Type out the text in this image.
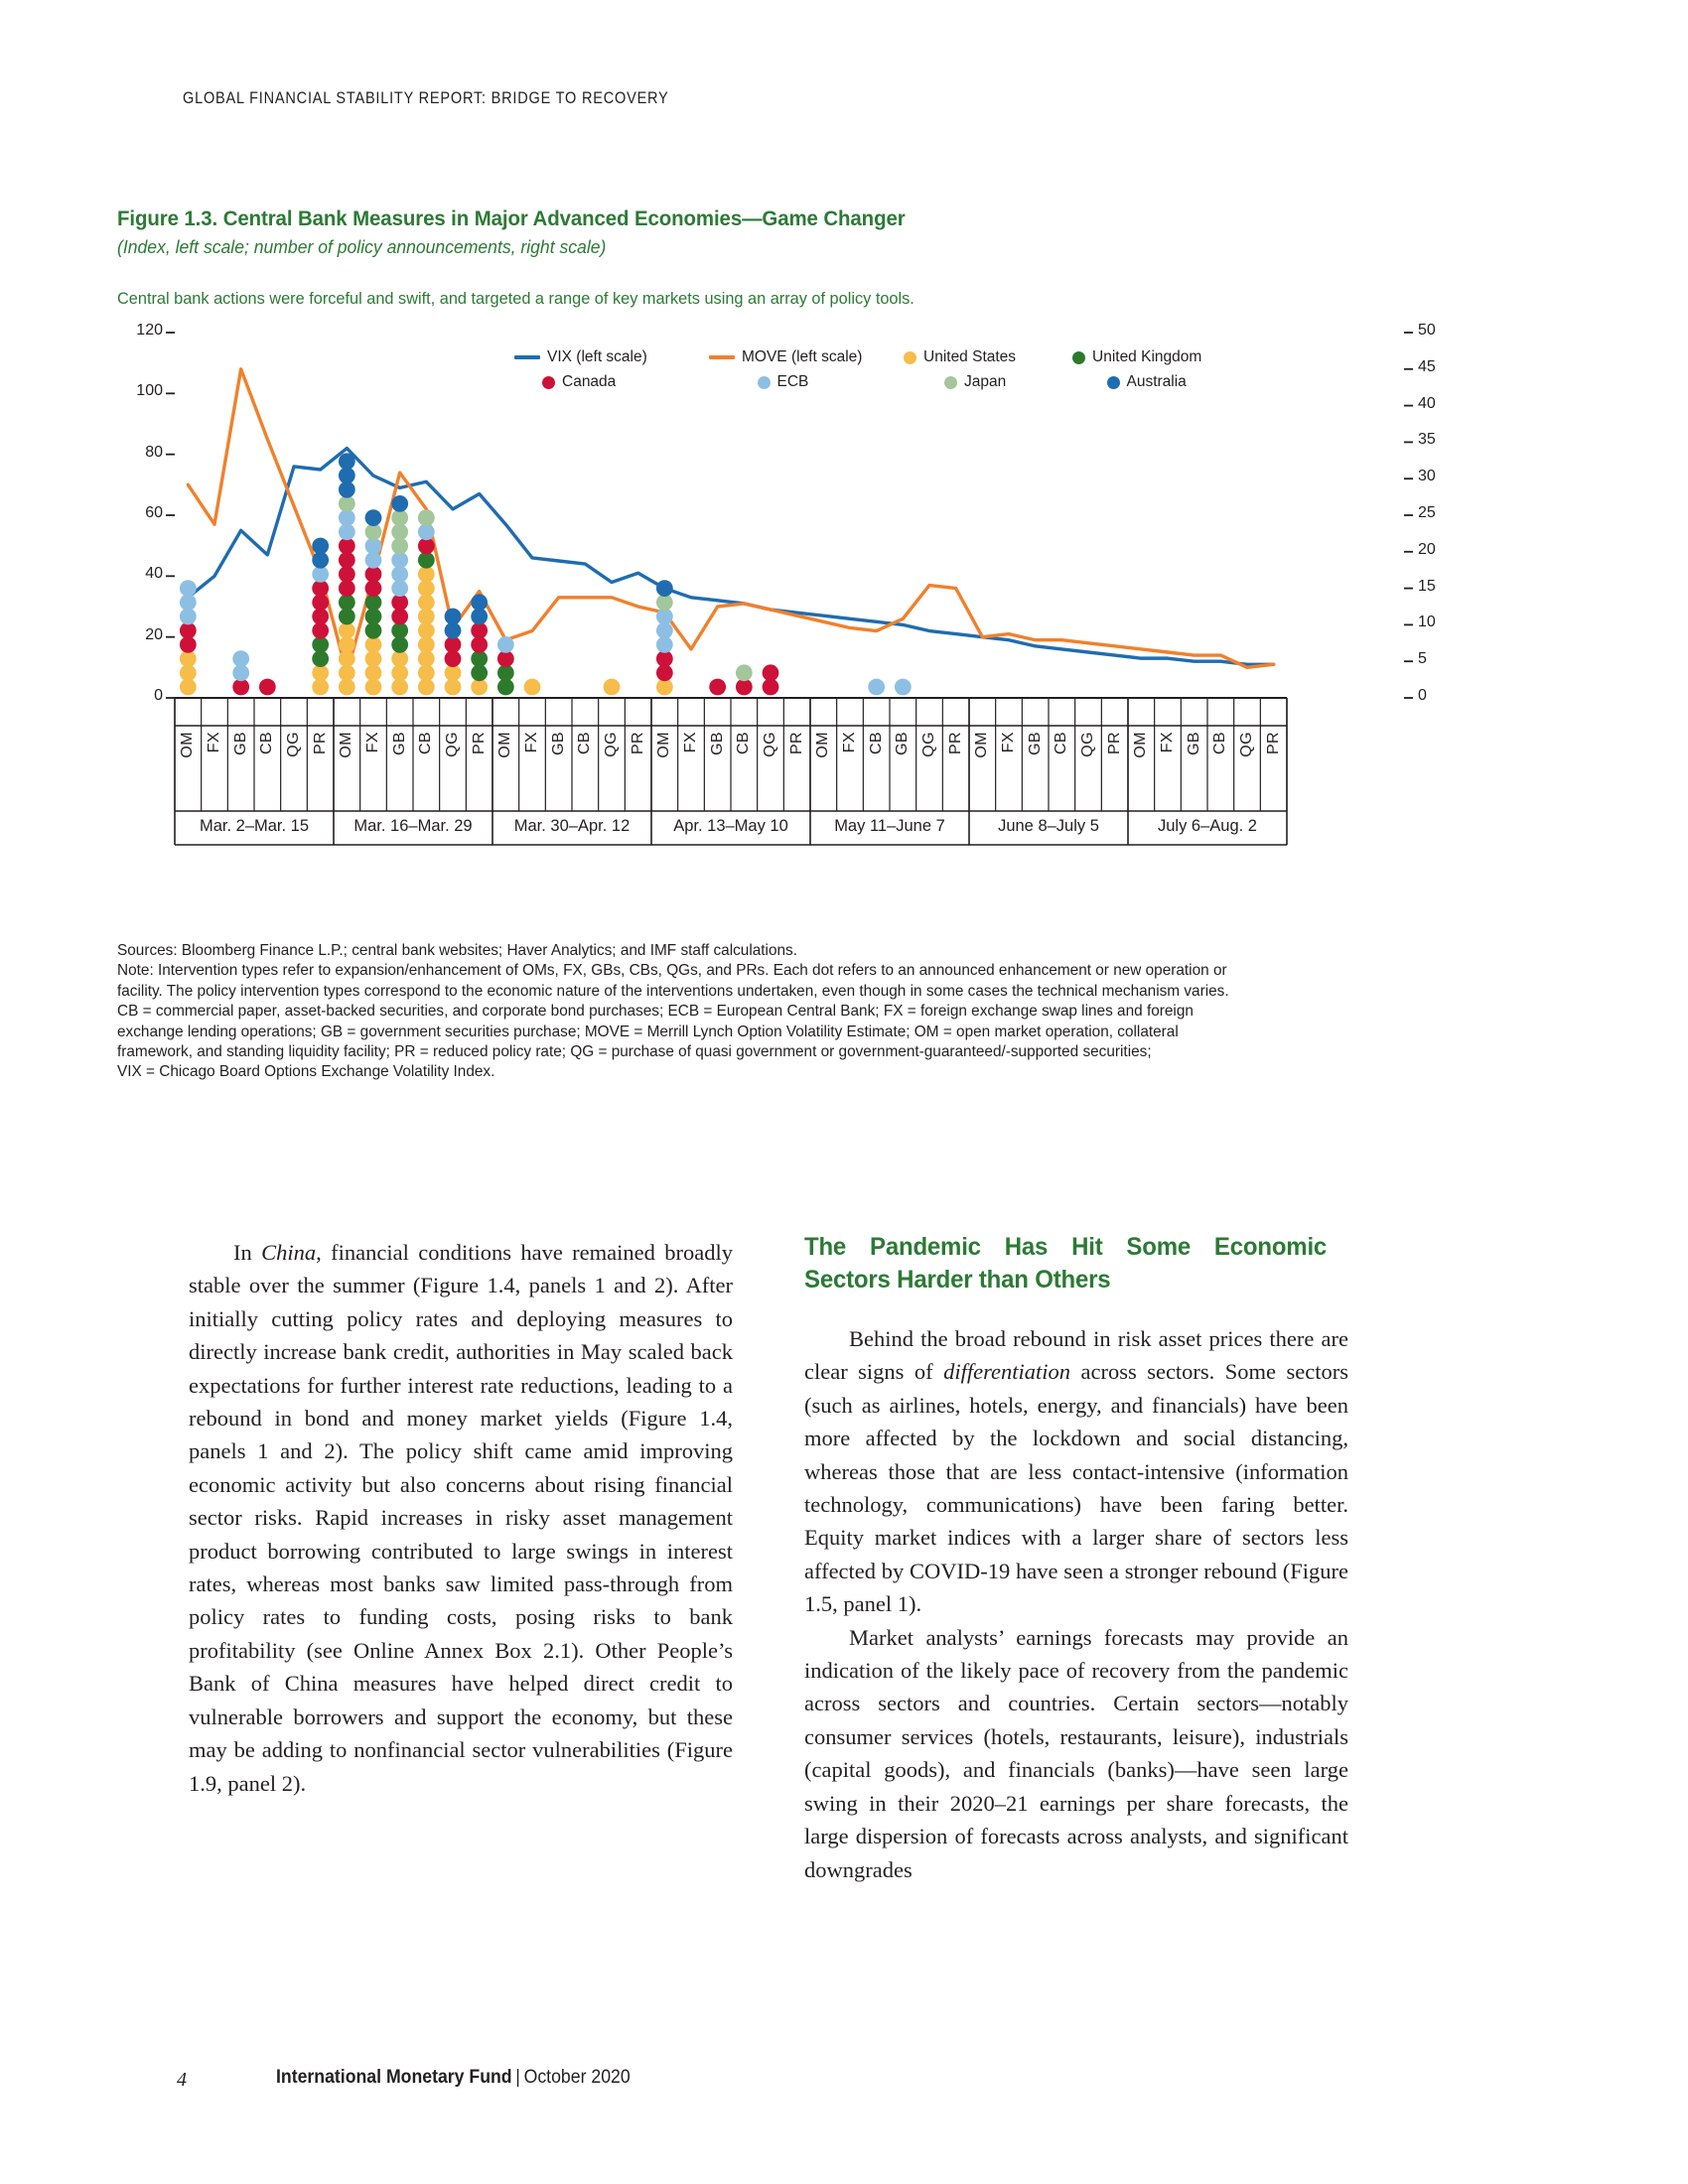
GLOBAL FINANCIAL STABILITY REPORT: BRIDGE TO RECOVERY
Figure 1.3. Central Bank Measures in Major Advanced Economies—Game Changer
(Index, left scale; number of policy announcements, right scale)
Central bank actions were forceful and swift, and targeted a range of key markets using an array of policy tools.
VIX (left scale)	MOVE (left scale)	United States	United Kingdom
Canada	ECB	Japan	Australia
0
20
40
60
80
100
120
0
5
10
15
20
25
30
35
40
45
50
OM FX GB CB QG PR OM FX GB CB QG PR OM FX GB CB QG PR OM FX GB CB QG PR OM FX CB GB QG PR OM FX GB CB QG PR OM FX GB CB QG PR
Mar. 2–Mar. 15	Mar. 16–Mar. 29	Mar. 30–Apr. 12	Apr. 13–May 10	May 11–June 7	June 8–July 5	July 6–Aug. 2

Sources: Bloomberg Finance L.P.; central bank websites; Haver Analytics; and IMF staff calculations.

Note: Intervention types refer to expansion/enhancement of OMs, FX, GBs, CBs, QGs, and PRs. Each dot refers to an announced enhancement or new operation or

facility. The policy intervention types correspond to the economic nature of the interventions undertaken, even though in some cases the technical mechanism varies.

CB = commercial paper, asset-backed securities, and corporate bond purchases; ECB = European Central Bank; FX = foreign exchange swap lines and foreign

exchange lending operations; GB = government securities purchase; MOVE = Merrill Lynch Option Volatility Estimate; OM = open market operation, collateral

framework, and standing liquidity facility; PR = reduced policy rate; QG = purchase of quasi government or government-guaranteed/-supported securities;

VIX = Chicago Board Options Exchange Volatility Index.

In China, financial conditions have remained broadly stable over the summer (Figure 1.4, panels 1 and 2). After initially cutting policy rates and deploying measures to directly increase bank credit, authorities in May scaled back expectations for further interest rate reductions, leading to a rebound in bond and money market yields (Figure 1.4, panels 1 and 2). The policy shift came amid improving economic activity but also concerns about rising financial sector risks. Rapid increases in risky asset management product borrowing contributed to large swings in interest rates, whereas most banks saw limited pass-through from policy rates to funding costs, posing risks to bank profitability (see Online Annex Box 2.1). Other People’s Bank of China measures have helped direct credit to vulnerable borrowers and support the economy, but these may be adding to nonfinancial sector vulnerabilities (Figure 1.9, panel 2).

The Pandemic Has Hit Some Economic Sectors Harder than Others

Behind the broad rebound in risk asset prices there are clear signs of differentiation across sectors. Some sectors (such as airlines, hotels, energy, and financials) have been more affected by the lockdown and social distancing, whereas those that are less contact-intensive (information technology, communications) have been faring better. Equity market indices with a larger share of sectors less affected by COVID-19 have seen a stronger rebound (Figure 1.5, panel 1).

Market analysts’ earnings forecasts may provide an indication of the likely pace of recovery from the pandemic across sectors and countries. Certain sectors—notably consumer services (hotels, restaurants, leisure), industrials (capital goods), and financials (banks)—have seen large swing in their 2020–21 earnings per share forecasts, the large dispersion of forecasts across analysts, and significant downgrades

4	International Monetary Fund | October 2020
